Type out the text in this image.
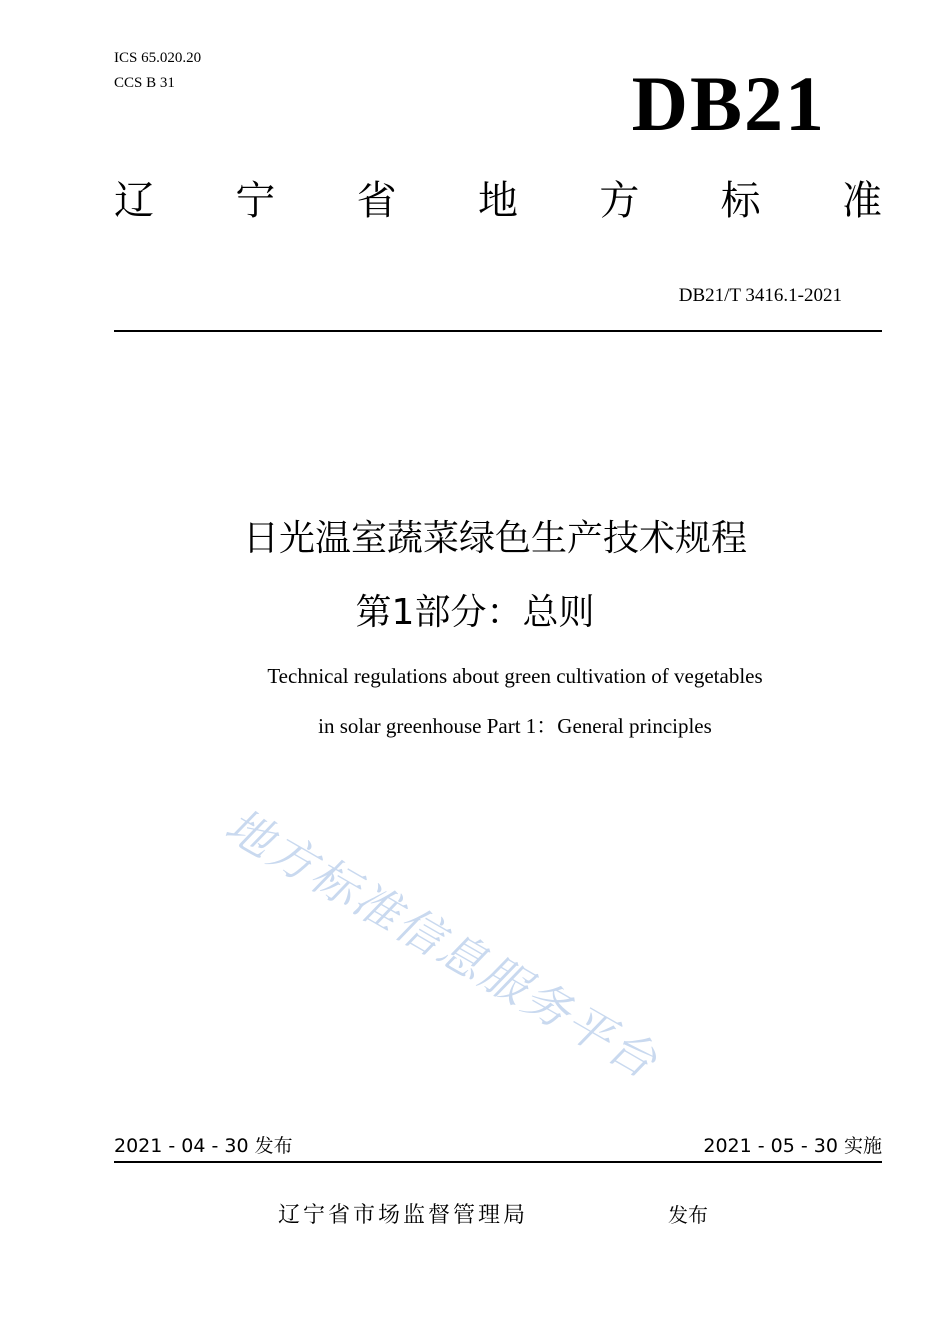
ICS 65.020.20
CCS B 31	DB21
辽 宁 省 地 方 标 准
DB21/T 3416.1-2021
日光温室蔬菜绿色生产技术规程
第1部分：总则
Technical regulations about green cultivation of vegetables
in solar greenhouse Part 1：General principles
地方标准信息服务平台
2021 - 04 - 30 发布	2021 - 05 - 30 实施
辽宁省市场监督管理局	发布
